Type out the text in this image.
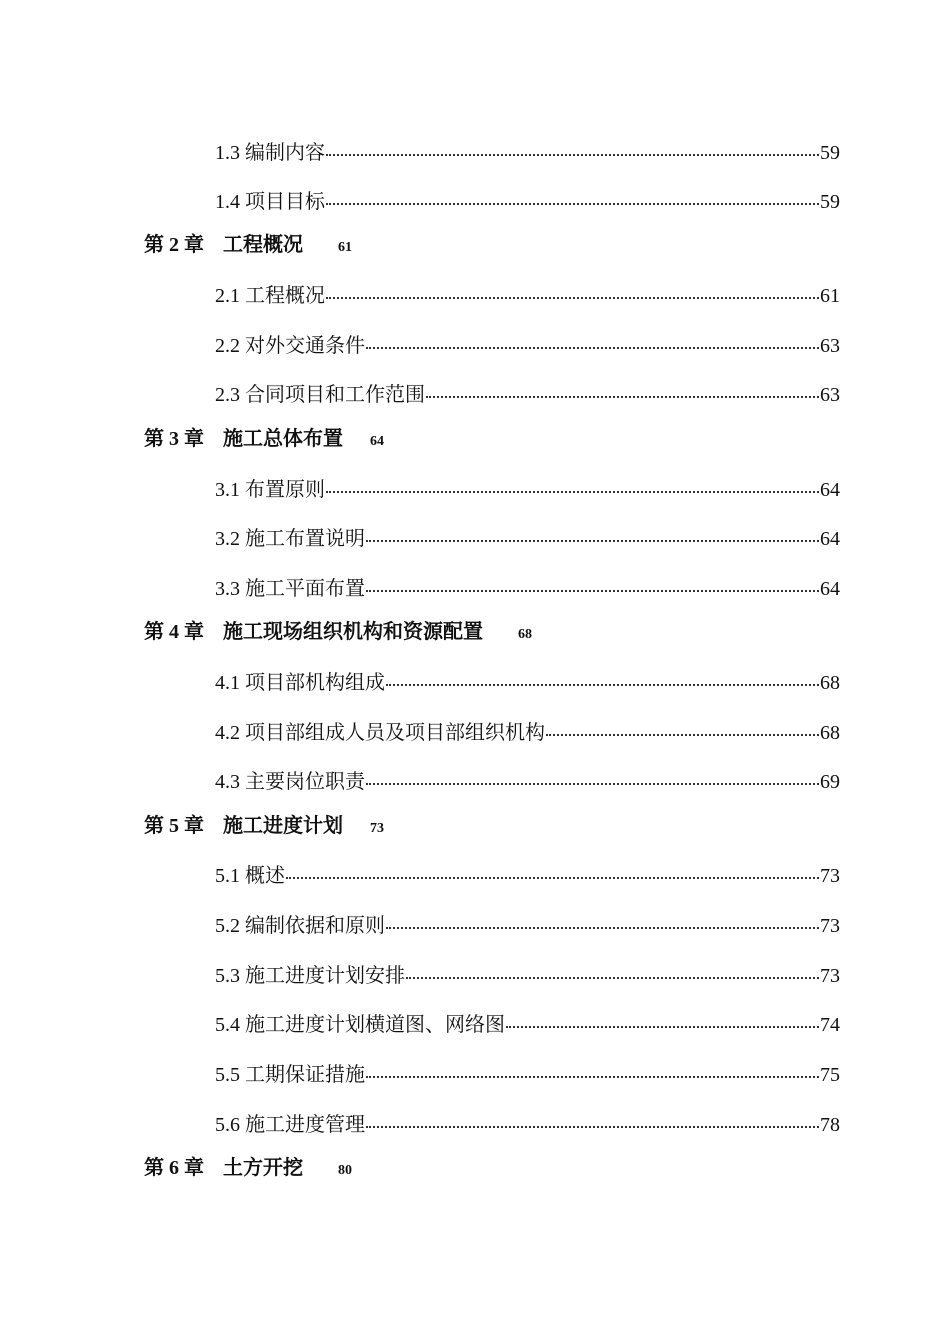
1.3 编制内容	59
1.4 项目目标	59
第 2 章 工程概况	61
2.1 工程概况	61
2.2 对外交通条件	63
2.3 合同项目和工作范围	63
第 3 章 施工总体布置 64
3.1 布置原则	64
3.2 施工布置说明	64
3.3 施工平面布置	64
第 4 章 施工现场组织机构和资源配置	68
4.1 项目部机构组成	68
4.2 项目部组成人员及项目部组织机构	68
4.3 主要岗位职责	69
第 5 章 施工进度计划 73
5.1 概述	73
5.2 编制依据和原则	73
5.3 施工进度计划安排	73
5.4 施工进度计划横道图、网络图	74
5.5 工期保证措施	75
5.6 施工进度管理	78
第 6 章 土方开挖	80
